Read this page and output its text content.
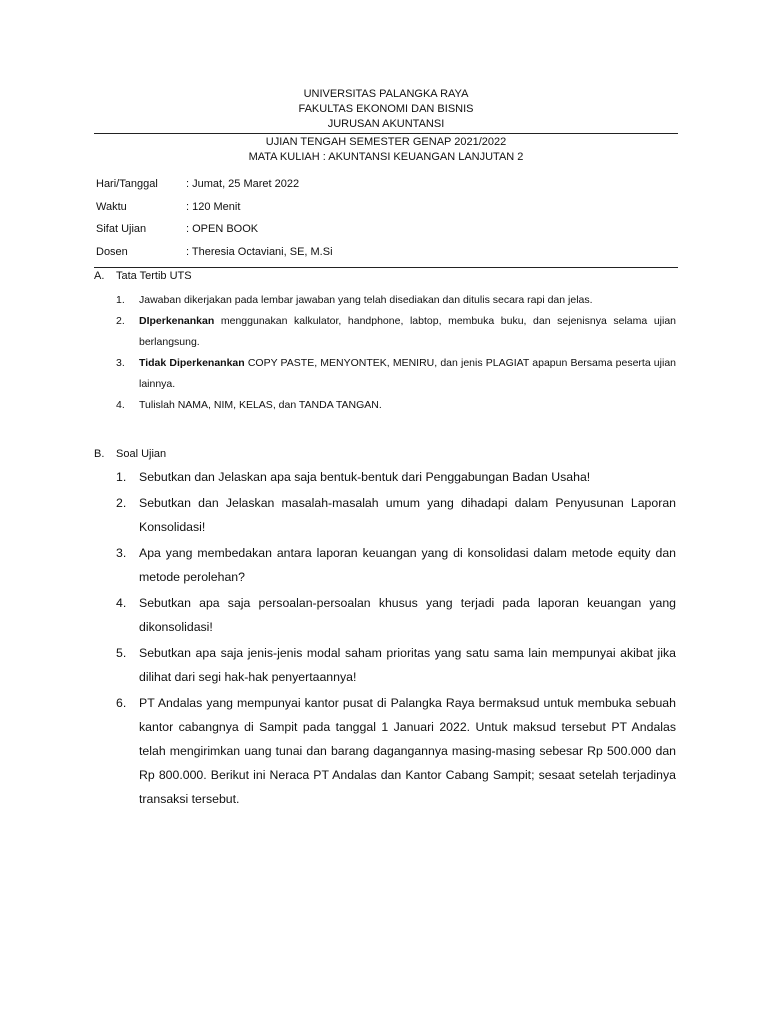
UNIVERSITAS PALANGKA RAYA
FAKULTAS EKONOMI DAN BISNIS
JURUSAN AKUNTANSI
UJIAN TENGAH SEMESTER GENAP 2021/2022
MATA KULIAH : AKUNTANSI KEUANGAN LANJUTAN 2
Hari/Tanggal	: Jumat, 25 Maret 2022
Waktu	: 120 Menit
Sifat Ujian	: OPEN BOOK
Dosen	: Theresia Octaviani, SE, M.Si
A. Tata Tertib UTS
1.	Jawaban dikerjakan pada lembar jawaban yang telah disediakan dan ditulis secara rapi dan jelas.
2.	DIperkenankan menggunakan kalkulator, handphone, labtop, membuka buku, dan sejenisnya selama ujian berlangsung.
3.	Tidak Diperkenankan COPY PASTE, MENYONTEK, MENIRU, dan jenis PLAGIAT apapun Bersama peserta ujian lainnya.
4.	Tulislah NAMA, NIM, KELAS, dan TANDA TANGAN.
B. Soal Ujian
1.	Sebutkan dan Jelaskan apa saja bentuk-bentuk dari Penggabungan Badan Usaha!
2.	Sebutkan dan Jelaskan masalah-masalah umum yang dihadapi dalam Penyusunan Laporan Konsolidasi!
3.	Apa yang membedakan antara laporan keuangan yang di konsolidasi dalam metode equity dan metode perolehan?
4.	Sebutkan apa saja persoalan-persoalan khusus yang terjadi pada laporan keuangan yang dikonsolidasi!
5.	Sebutkan apa saja jenis-jenis modal saham prioritas yang satu sama lain mempunyai akibat jika dilihat dari segi hak-hak penyertaannya!
6.	PT Andalas yang mempunyai kantor pusat di Palangka Raya bermaksud untuk membuka sebuah kantor cabangnya di Sampit pada tanggal 1 Januari 2022. Untuk maksud tersebut PT Andalas telah mengirimkan uang tunai dan barang dagangannya masing-masing sebesar Rp 500.000 dan Rp 800.000. Berikut ini Neraca PT Andalas dan Kantor Cabang Sampit; sesaat setelah terjadinya transaksi tersebut.
